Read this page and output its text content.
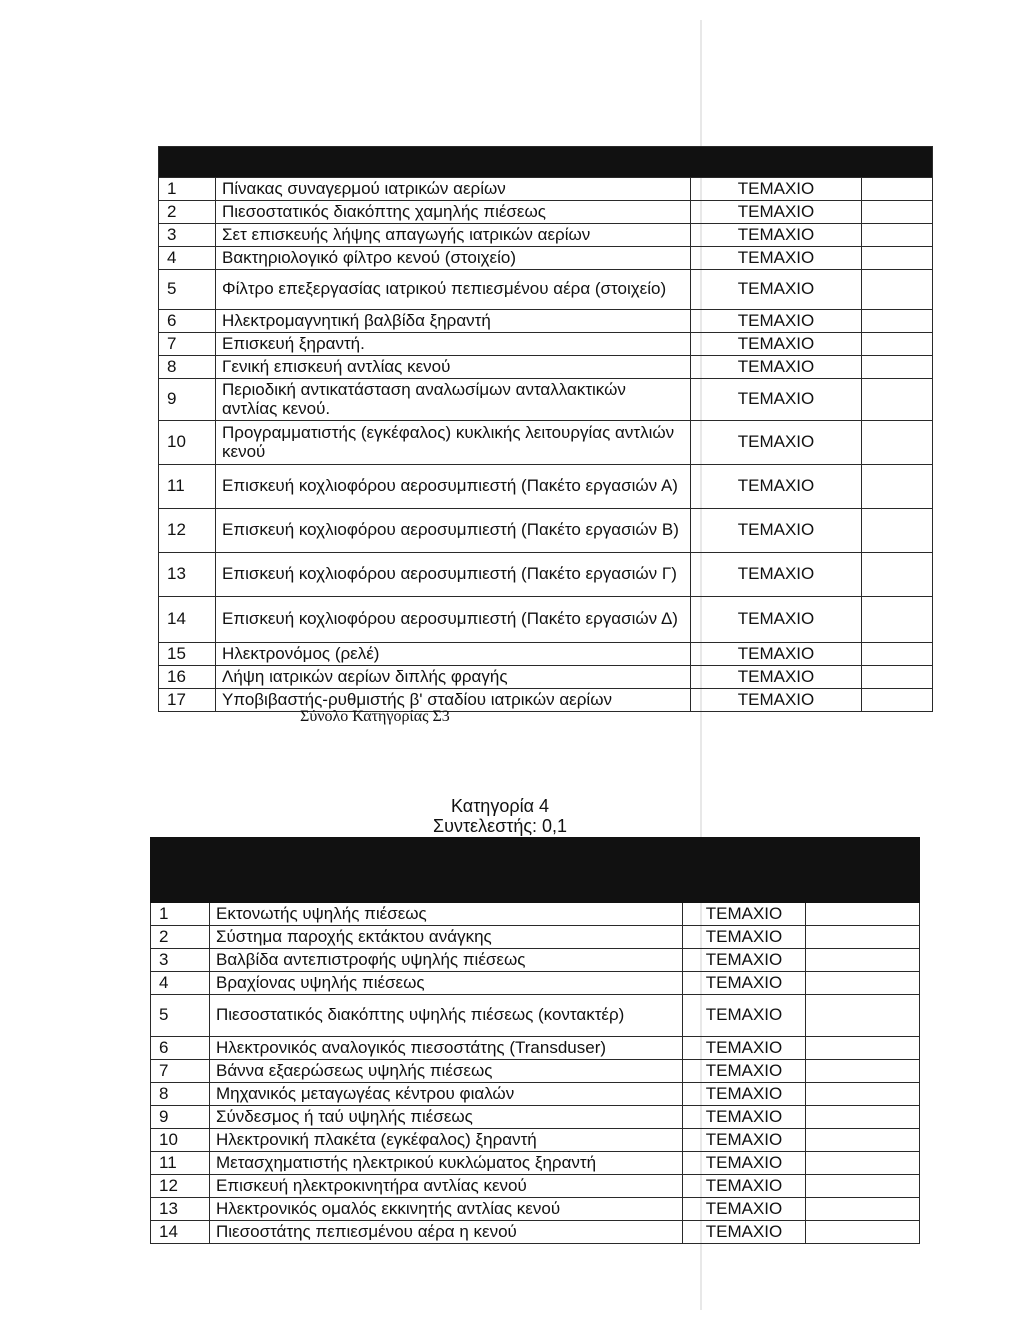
1	Πίνακας συναγερμού ιατρικών αερίων	ΤΕΜΑΧΙΟ	
2	Πιεσοστατικός διακόπτης χαμηλής πιέσεως	ΤΕΜΑΧΙΟ	
3	Σετ επισκευής λήψης απαγωγής ιατρικών αερίων	ΤΕΜΑΧΙΟ	
4	Βακτηριολογικό φίλτρο κενού (στοιχείο)	ΤΕΜΑΧΙΟ	
5	Φίλτρο επεξεργασίας ιατρικού πεπιεσμένου αέρα (στοιχείο)	ΤΕΜΑΧΙΟ	
6	Ηλεκτρομαγνητική βαλβίδα ξηραντή	ΤΕΜΑΧΙΟ	
7	Επισκευή ξηραντή.	ΤΕΜΑΧΙΟ	
8	Γενική επισκευή αντλίας κενού	ΤΕΜΑΧΙΟ	
9	Περιοδική αντικατάσταση αναλωσίμων ανταλλακτικών αντλίας κενού.	ΤΕΜΑΧΙΟ	
10	Προγραμματιστής (εγκέφαλος) κυκλικής λειτουργίας αντλιών κενού	ΤΕΜΑΧΙΟ	
11	Επισκευή κοχλιοφόρου αεροσυμπιεστή (Πακέτο εργασιών Α)	ΤΕΜΑΧΙΟ	
12	Επισκευή κοχλιοφόρου αεροσυμπιεστή (Πακέτο εργασιών Β)	ΤΕΜΑΧΙΟ	
13	Επισκευή κοχλιοφόρου αεροσυμπιεστή (Πακέτο εργασιών Γ)	ΤΕΜΑΧΙΟ	
14	Επισκευή κοχλιοφόρου αεροσυμπιεστή (Πακέτο εργασιών Δ)	ΤΕΜΑΧΙΟ	
15	Ηλεκτρονόμος (ρελέ)	ΤΕΜΑΧΙΟ	
16	Λήψη ιατρικών αερίων διπλής φραγής	ΤΕΜΑΧΙΟ	
17	Υποβιβαστής-ρυθμιστής β' σταδίου ιατρικών αερίων	ΤΕΜΑΧΙΟ	
Σύνολο Κατηγορίας Σ3
Κατηγορία 4
Συντελεστής: 0,1

1	Εκτονωτής υψηλής πιέσεως	ΤΕΜΑΧΙΟ	
2	Σύστημα παροχής εκτάκτου ανάγκης	ΤΕΜΑΧΙΟ	
3	Βαλβίδα αντεπιστροφής υψηλής πιέσεως	ΤΕΜΑΧΙΟ	
4	Βραχίονας υψηλής πιέσεως	ΤΕΜΑΧΙΟ	
5	Πιεσοστατικός διακόπτης υψηλής πιέσεως (κοντακτέρ)	ΤΕΜΑΧΙΟ	
6	Ηλεκτρονικός αναλογικός πιεσοστάτης (Transduser)	ΤΕΜΑΧΙΟ	
7	Βάννα εξαερώσεως υψηλής πιέσεως	ΤΕΜΑΧΙΟ	
8	Μηχανικός μεταγωγέας κέντρου φιαλών	ΤΕΜΑΧΙΟ	
9	Σύνδεσμος ή ταύ υψηλής πιέσεως	ΤΕΜΑΧΙΟ	
10	Ηλεκτρονική πλακέτα (εγκέφαλος) ξηραντή	ΤΕΜΑΧΙΟ	
11	Μετασχηματιστής ηλεκτρικού κυκλώματος ξηραντή	ΤΕΜΑΧΙΟ	
12	Επισκευή ηλεκτροκινητήρα αντλίας κενού	ΤΕΜΑΧΙΟ	
13	Ηλεκτρονικός ομαλός εκκινητής αντλίας κενού	ΤΕΜΑΧΙΟ	
14	Πιεσοστάτης πεπιεσμένου αέρα η κενού	ΤΕΜΑΧΙΟ	
